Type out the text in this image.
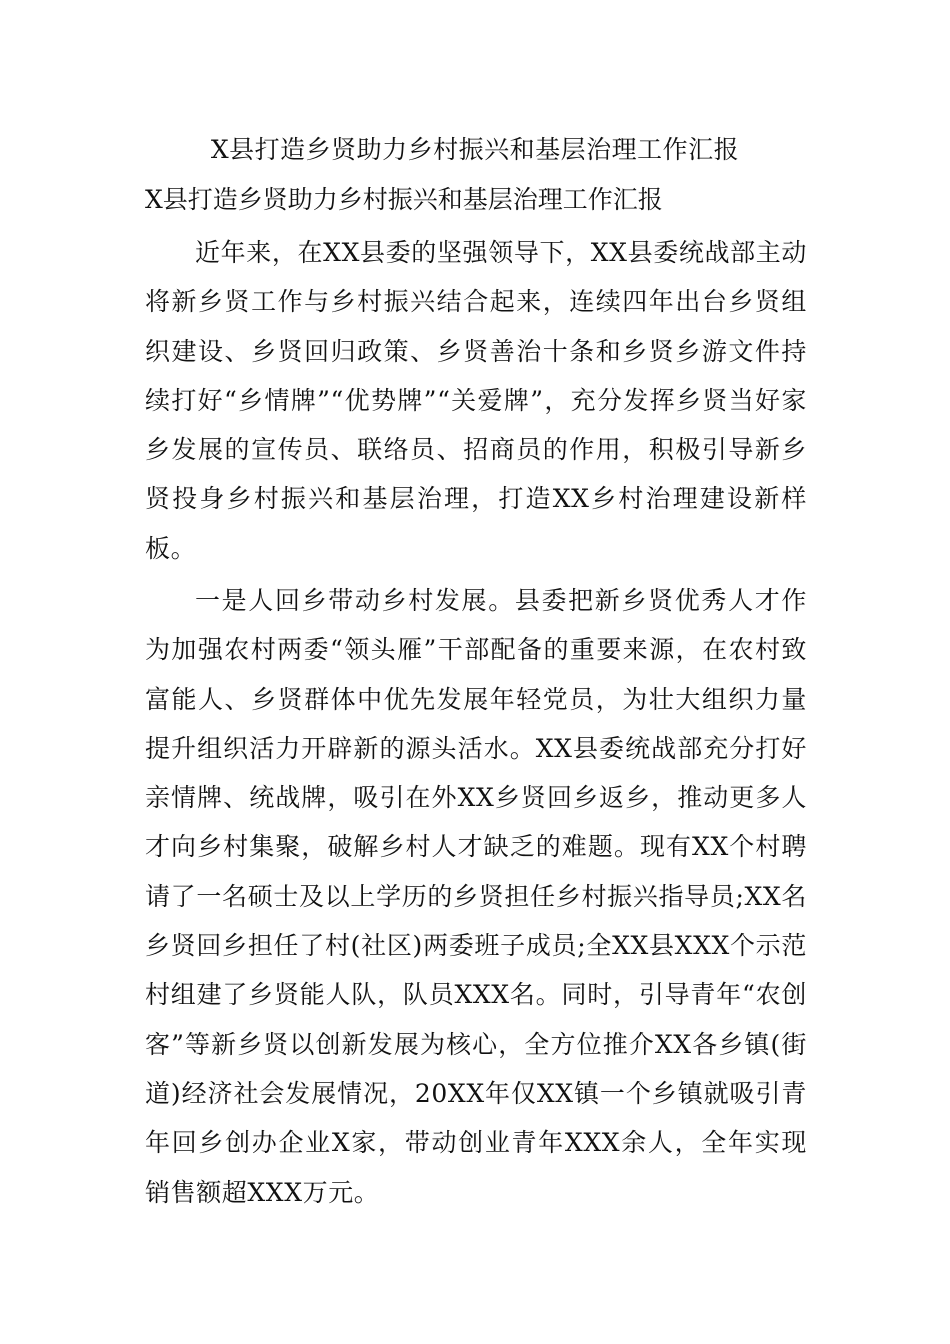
X县打造乡贤助力乡村振兴和基层治理工作汇报
X县打造乡贤助力乡村振兴和基层治理工作汇报

近年来，在XX县委的坚强领导下，XX县委统战部主动将新乡贤工作与乡村振兴结合起来，连续四年出台乡贤组织建设、乡贤回归政策、乡贤善治十条和乡贤乡游文件持续打好“乡情牌”“优势牌”“关爱牌”，充分发挥乡贤当好家乡发展的宣传员、联络员、招商员的作用，积极引导新乡贤投身乡村振兴和基层治理，打造XX乡村治理建设新样板。

一是人回乡带动乡村发展。县委把新乡贤优秀人才作为加强农村两委“领头雁”干部配备的重要来源，在农村致富能人、乡贤群体中优先发展年轻党员，为壮大组织力量提升组织活力开辟新的源头活水。XX县委统战部充分打好亲情牌、统战牌，吸引在外XX乡贤回乡返乡，推动更多人才向乡村集聚，破解乡村人才缺乏的难题。现有XX个村聘请了一名硕士及以上学历的乡贤担任乡村振兴指导员;XX名乡贤回乡担任了村(社区)两委班子成员;全XX县XXX个示范村组建了乡贤能人队，队员XXX名。同时，引导青年“农创客”等新乡贤以创新发展为核心，全方位推介XX各乡镇(街道)经济社会发展情况，20XX年仅XX镇一个乡镇就吸引青年回乡创办企业X家，带动创业青年XXX余人，全年实现销售额超XXX万元。
